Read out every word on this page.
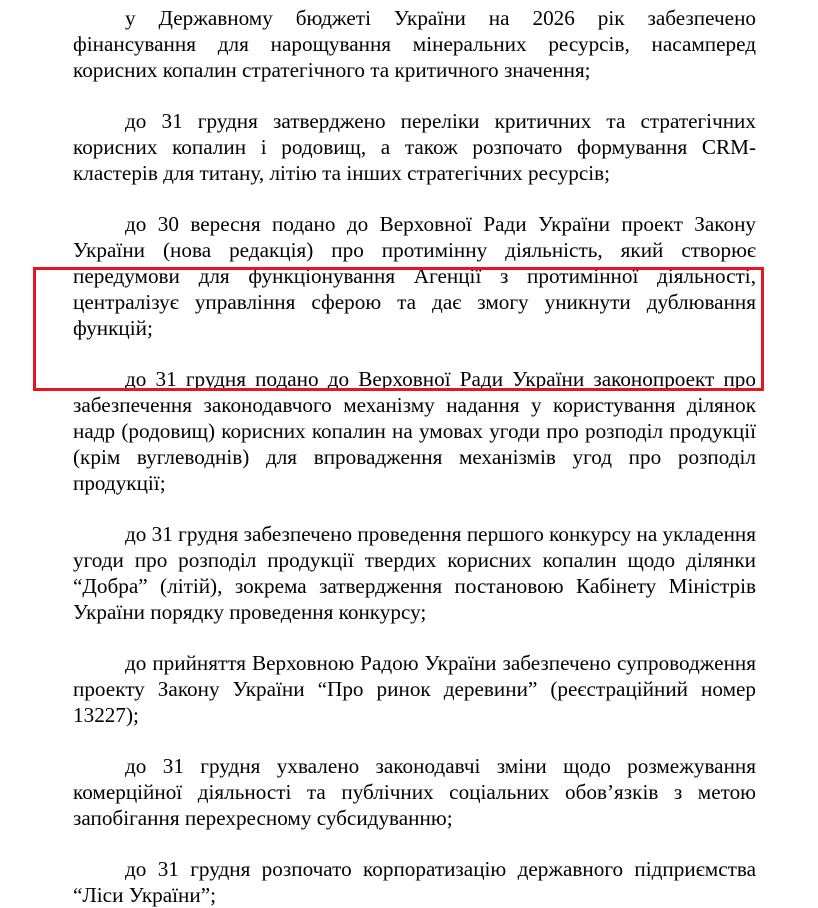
у Державному бюджеті України на 2026 рік забезпечено фінансування для нарощування мінеральних ресурсів, насамперед корисних копалин стратегічного та критичного значення;

до 31 грудня затверджено переліки критичних та стратегічних корисних копалин і родовищ, а також розпочато формування CRM-кластерів для титану, літію та інших стратегічних ресурсів;

до 30 вересня подано до Верховної Ради України проект Закону України (нова редакція) про протимінну діяльність, який створює передумови для функціонування Агенції з протимінної діяльності, централізує управління сферою та дає змогу уникнути дублювання функцій;

до 31 грудня подано до Верховної Ради України законопроект про забезпечення законодавчого механізму надання у користування ділянок надр (родовищ) корисних копалин на умовах угоди про розподіл продукції (крім вуглеводнів) для впровадження механізмів угод про розподіл продукції;

до 31 грудня забезпечено проведення першого конкурсу на укладення угоди про розподіл продукції твердих корисних копалин щодо ділянки “Добра” (літій), зокрема затвердження постановою Кабінету Міністрів України порядку проведення конкурсу;

до прийняття Верховною Радою України забезпечено супроводження проекту Закону України “Про ринок деревини” (реєстраційний номер 13227);

до 31 грудня ухвалено законодавчі зміни щодо розмежування комерційної діяльності та публічних соціальних обов’язків з метою запобігання перехресному субсидуванню;

до 31 грудня розпочато корпоратизацію державного підприємства “Ліси України”;
